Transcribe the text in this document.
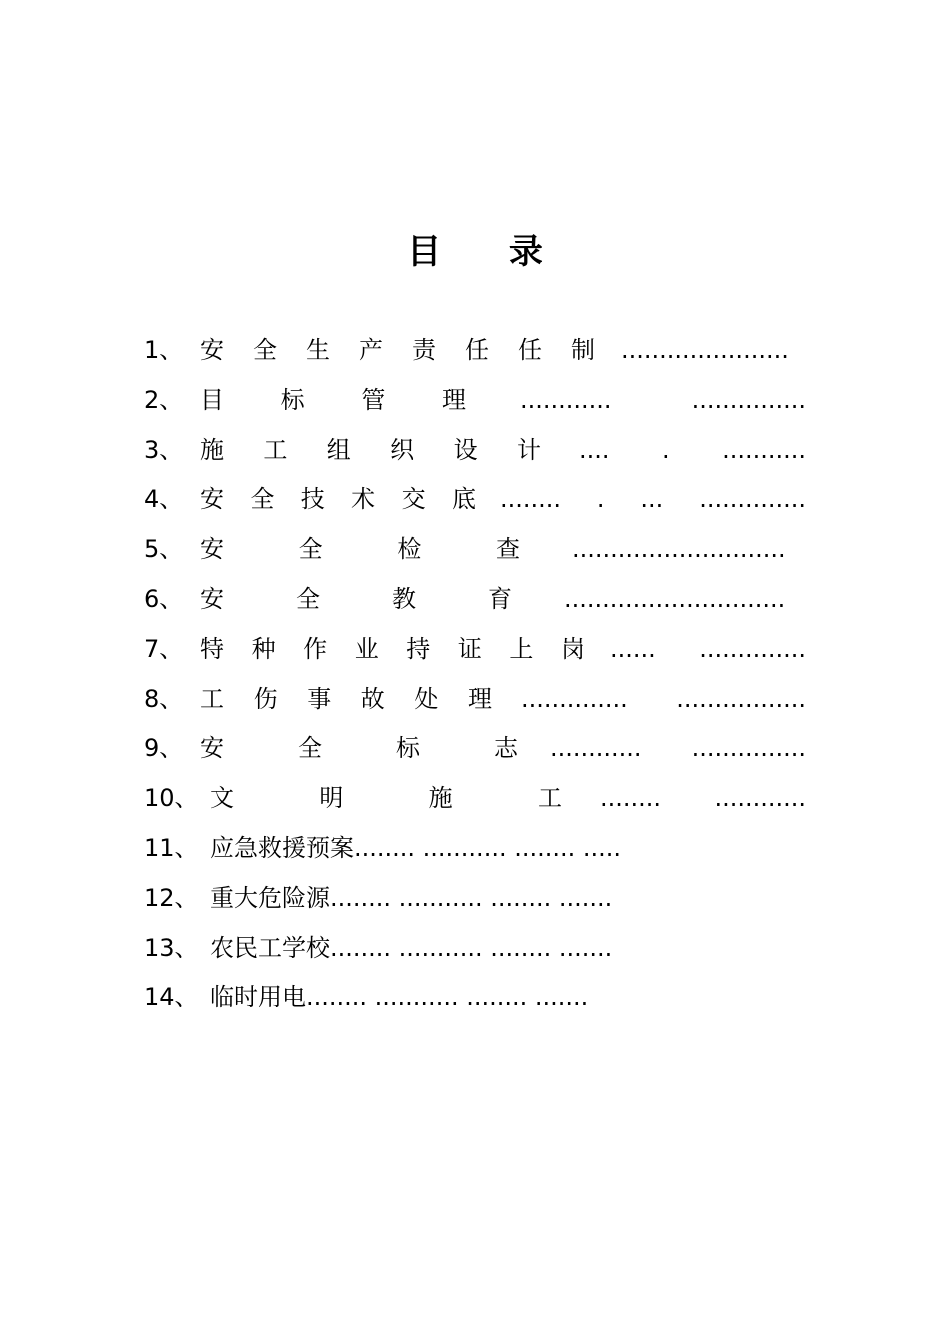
目 录
1、 安 全 生 产 责 任 任 制 ......................
2、 目 标 管 理 ............	...............
3、 施 工 组 织 设 计 .... . ...........
4、 安 全 技 术 交 底 ........ . ... ..............
5、 安	全	检	查 ............................
6、 安	全	教	育 .............................
7、 特 种 作 业 持 证 上 岗 ...... ..............
8、 工 伤 事 故 处 理 .............. .................
9、 安	全	标	志 ............ ...............
10、 文	明	施	工 ........ ............
11、 应急救援预案........ ........... ........ .....
12、 重大危险源........ ........... ........ .......
13、 农民工学校........ ........... ........ .......
14、 临时用电........ ........... ........ .......
